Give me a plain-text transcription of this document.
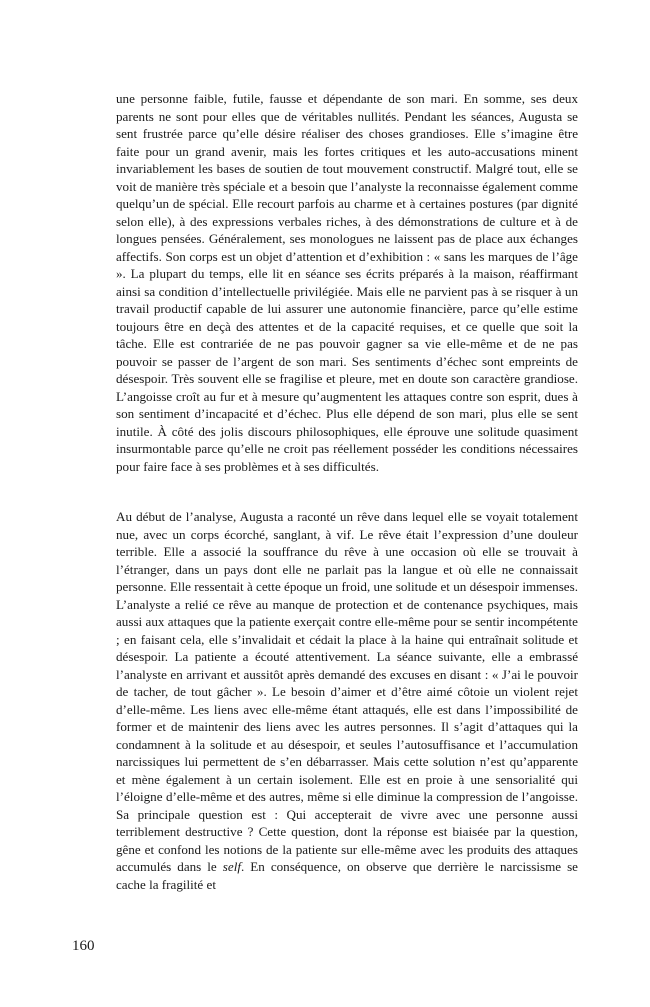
une personne faible, futile, fausse et dépendante de son mari. En somme, ses deux parents ne sont pour elles que de véritables nullités. Pendant les séances, Augusta se sent frustrée parce qu’elle désire réaliser des choses grandioses. Elle s’imagine être faite pour un grand avenir, mais les fortes critiques et les auto-accusations minent invariablement les bases de soutien de tout mouvement constructif. Malgré tout, elle se voit de manière très spéciale et a besoin que l’analyste la reconnaisse également comme quelqu’un de spécial. Elle recourt parfois au charme et à certaines postures (par dignité selon elle), à des expressions verbales riches, à des démonstrations de culture et à de longues pensées. Généralement, ses monologues ne laissent pas de place aux échanges affectifs. Son corps est un objet d’attention et d’exhibition : « sans les marques de l’âge ». La plupart du temps, elle lit en séance ses écrits préparés à la maison, réaffirmant ainsi sa condition d’intellectuelle privilégiée. Mais elle ne parvient pas à se risquer à un travail productif capable de lui assurer une autonomie financière, parce qu’elle estime toujours être en deçà des attentes et de la capacité requises, et ce quelle que soit la tâche. Elle est contrariée de ne pas pouvoir gagner sa vie elle-même et de ne pas pouvoir se passer de l’argent de son mari. Ses sentiments d’échec sont empreints de désespoir. Très souvent elle se fragilise et pleure, met en doute son caractère grandiose. L’angoisse croît au fur et à mesure qu’augmentent les attaques contre son esprit, dues à son sentiment d’incapacité et d’échec. Plus elle dépend de son mari, plus elle se sent inutile. À côté des jolis discours philosophiques, elle éprouve une solitude quasiment insurmontable parce qu’elle ne croit pas réellement posséder les conditions nécessaires pour faire face à ses problèmes et à ses difficultés.

Au début de l’analyse, Augusta a raconté un rêve dans lequel elle se voyait totalement nue, avec un corps écorché, sanglant, à vif. Le rêve était l’expression d’une douleur terrible. Elle a associé la souffrance du rêve à une occasion où elle se trouvait à l’étranger, dans un pays dont elle ne parlait pas la langue et où elle ne connaissait personne. Elle ressentait à cette époque un froid, une solitude et un désespoir immenses. L’analyste a relié ce rêve au manque de protection et de contenance psychiques, mais aussi aux attaques que la patiente exerçait contre elle-même pour se sentir incompétente ; en faisant cela, elle s’invalidait et cédait la place à la haine qui entraînait solitude et désespoir. La patiente a écouté attentivement. La séance suivante, elle a embrassé l’analyste en arrivant et aussitôt après demandé des excuses en disant : « J’ai le pouvoir de tacher, de tout gâcher ». Le besoin d’aimer et d’être aimé côtoie un violent rejet d’elle-même. Les liens avec elle-même étant attaqués, elle est dans l’impossibilité de former et de maintenir des liens avec les autres personnes. Il s’agit d’attaques qui la condamnent à la solitude et au désespoir, et seules l’autosuffisance et l’accumulation narcissiques lui permettent de s’en débarrasser. Mais cette solution n’est qu’apparente et mène également à un certain isolement. Elle est en proie à une sensorialité qui l’éloigne d’elle-même et des autres, même si elle diminue la compression de l’angoisse. Sa principale question est : Qui accepterait de vivre avec une personne aussi terriblement destructive ? Cette question, dont la réponse est biaisée par la question, gêne et confond les notions de la patiente sur elle-même avec les produits des attaques accumulés dans le self. En conséquence, on observe que derrière le narcissisme se cache la fragilité et

160
